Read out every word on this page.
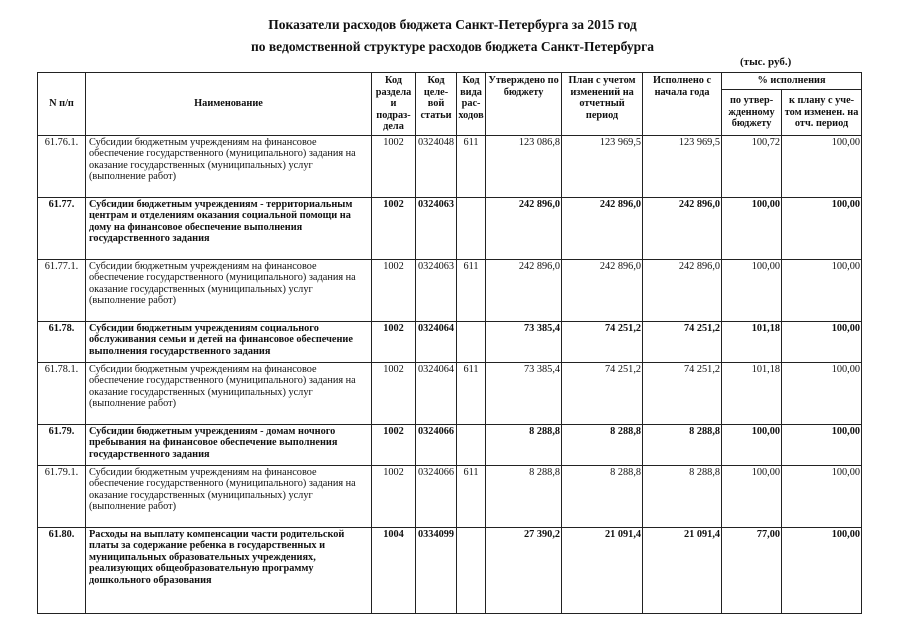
Показатели расходов бюджета Санкт-Петербурга за 2015 год
по ведомственной структуре расходов бюджета Санкт-Петербурга
(тыс. руб.)
N п/п	Наименование	Код раздела и подраз-дела	Код целе-вой статьи	Код вида рас-ходов	Утверждено по бюджету	План с учетом изменений на отчетный период	Исполнено с начала года	% исполнения	
								по утвер-жденному бюджету	к плану с уче-том изменен. на отч. период
61.76.1.	Субсидии бюджетным учреждениям на финансовое обеспечение государственного (муниципального) задания на оказание государственных (муниципальных) услуг (выполнение работ)	1002	0324048	611	123 086,8	123 969,5	123 969,5	100,72	100,00
61.77.	Субсидии бюджетным учреждениям - территориальным центрам и отделениям оказания социальной помощи на дому на финансовое обеспечение выполнения государственного задания	1002	0324063		242 896,0	242 896,0	242 896,0	100,00	100,00
61.77.1.	Субсидии бюджетным учреждениям на финансовое обеспечение государственного (муниципального) задания на оказание государственных (муниципальных) услуг (выполнение работ)	1002	0324063	611	242 896,0	242 896,0	242 896,0	100,00	100,00
61.78.	Субсидии бюджетным учреждениям социального обслуживания семьи и детей на финансовое обеспечение выполнения государственного задания	1002	0324064		73 385,4	74 251,2	74 251,2	101,18	100,00
61.78.1.	Субсидии бюджетным учреждениям на финансовое обеспечение государственного (муниципального) задания на оказание государственных (муниципальных) услуг (выполнение работ)	1002	0324064	611	73 385,4	74 251,2	74 251,2	101,18	100,00
61.79.	Субсидии бюджетным учреждениям - домам ночного пребывания на финансовое обеспечение выполнения государственного задания	1002	0324066		8 288,8	8 288,8	8 288,8	100,00	100,00
61.79.1.	Субсидии бюджетным учреждениям на финансовое обеспечение государственного (муниципального) задания на оказание государственных (муниципальных) услуг (выполнение работ)	1002	0324066	611	8 288,8	8 288,8	8 288,8	100,00	100,00
61.80.	Расходы на выплату компенсации части родительской платы за содержание ребенка в государственных и муниципальных образовательных учреждениях, реализующих общеобразовательную программу дошкольного образования	1004	0334099		27 390,2	21 091,4	21 091,4	77,00	100,00
